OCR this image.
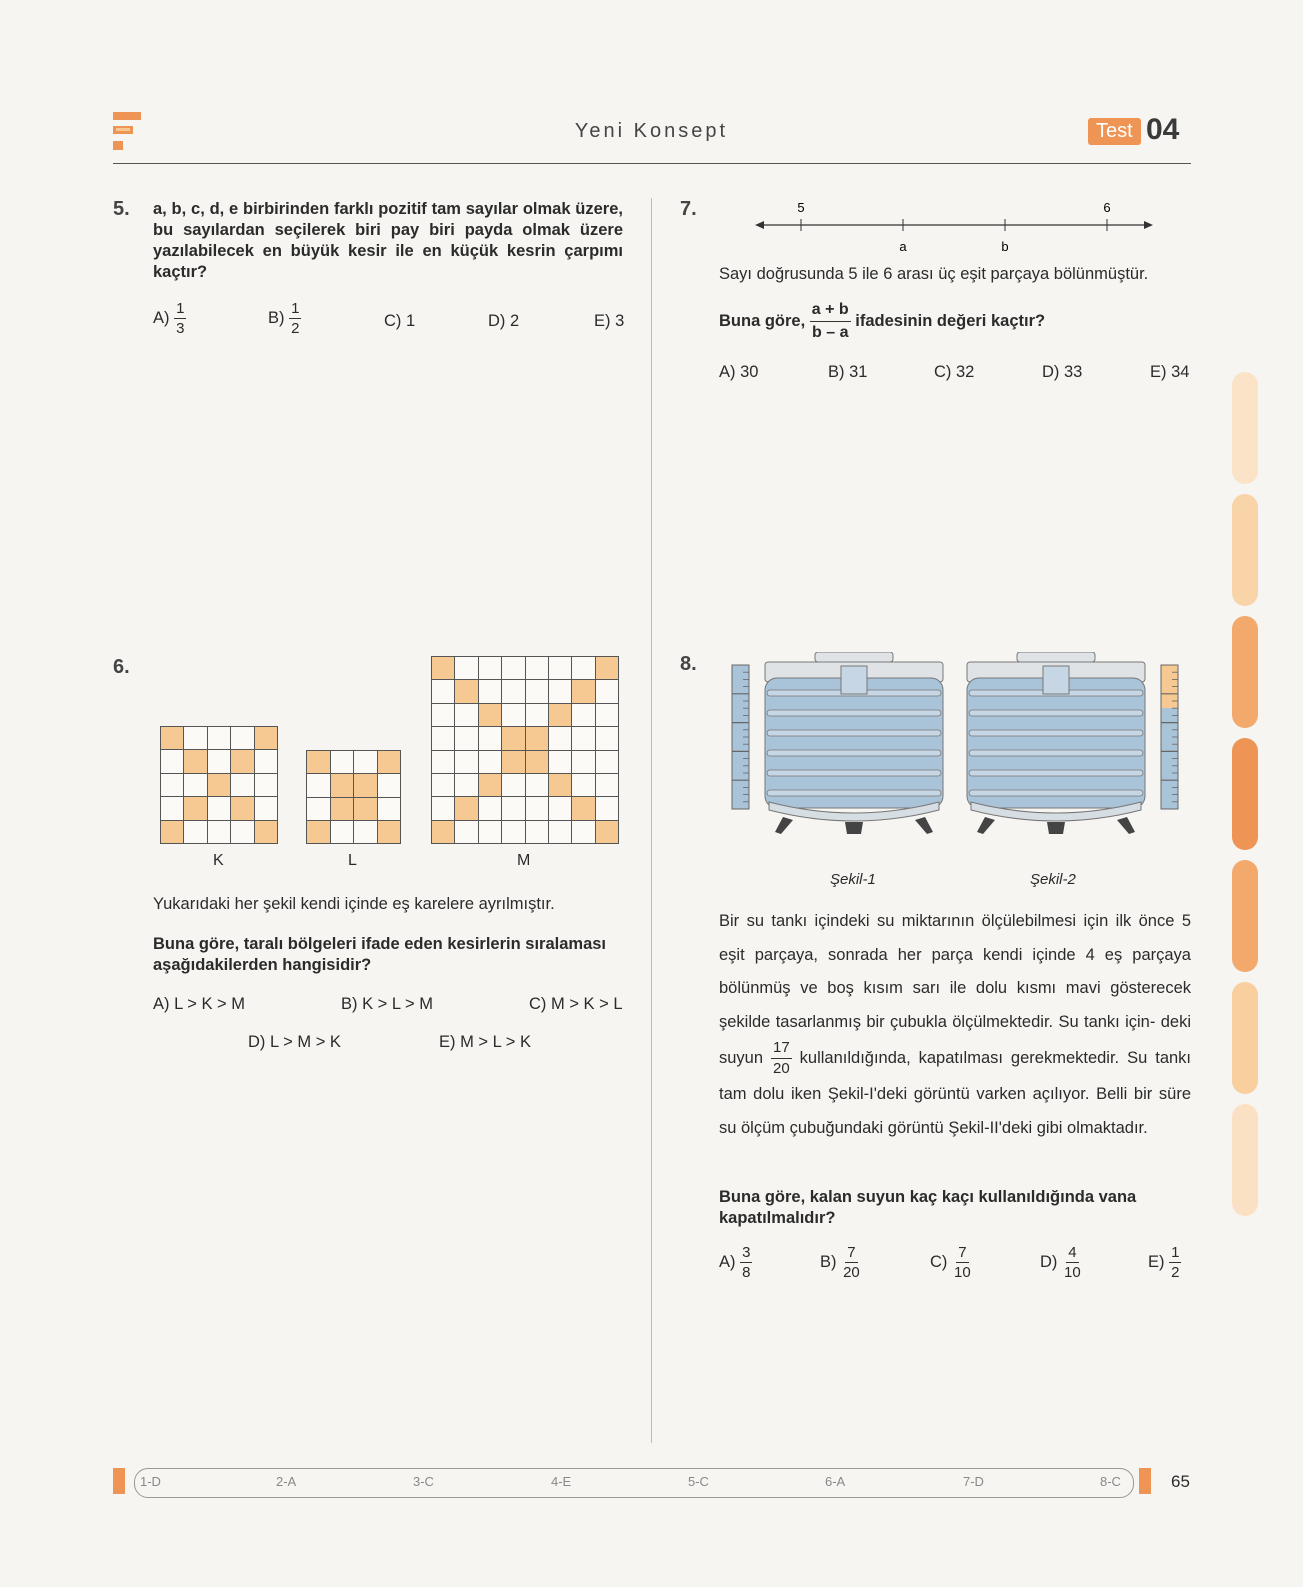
Yeni Konsept	Test 04
5. a, b, c, d, e birbirinden farklı pozitif tam sayılar olmak üzere, bu sayılardan seçilerek biri pay biri payda olmak üzere yazılabilecek en büyük kesir ile en küçük kesrin çarpımı kaçtır?
$A) \frac{1}{3}$	$B) \frac{1}{2}$	C) 1	D) 2	E) 3
6.
K	L	M
Yukarıdaki her şekil kendi içinde eş karelere ayrılmıştır.
Buna göre, taralı bölgeleri ifade eden kesirlerin sıralaması aşağıdakilerden hangisidir?
A) L > K > M	B) K > L > M	C) M > K > L
D) L > M > K	E) M > L > K
7.	5	6
a	b
Sayı doğrusunda 5 ile 6 arası üç eşit parçaya bölünmüştür.
Buna göre, $\frac{a + b}{b - a}$ ifadesinin değeri kaçtır?
A) 30	B) 31	C) 32	D) 33	E) 34
8.
Şekil-1	Şekil-2
Bir su tankı içindeki su miktarının ölçülebilmesi için ilk önce 5 eşit parçaya, sonrada her parça kendi içinde 4 eş parçaya bölünmüş ve boş kısım sarı ile dolu kısmı mavi gösterecek şekilde tasarlanmış bir çubukla ölçülmektedir. Su tankı için- deki suyun $\frac{17}{20}$ kullanıldığında, kapatılması gerekmektedir. Su tankı tam dolu iken Şekil-I'deki görüntü varken açılıyor. Belli bir süre su ölçüm çubuğundaki görüntü Şekil-II'deki gibi olmaktadır.
Buna göre, kalan suyun kaç kaçı kullanıldığında vana kapatılmalıdır?
$A) \frac{3}{8}$	$B) \frac{7}{20}$	$C) \frac{7}{10}$	$D) \frac{4}{10}$	$E) \frac{1}{2}$
1-D	2-A	3-C	4-E	5-C	6-A	7-D	8-C	65
